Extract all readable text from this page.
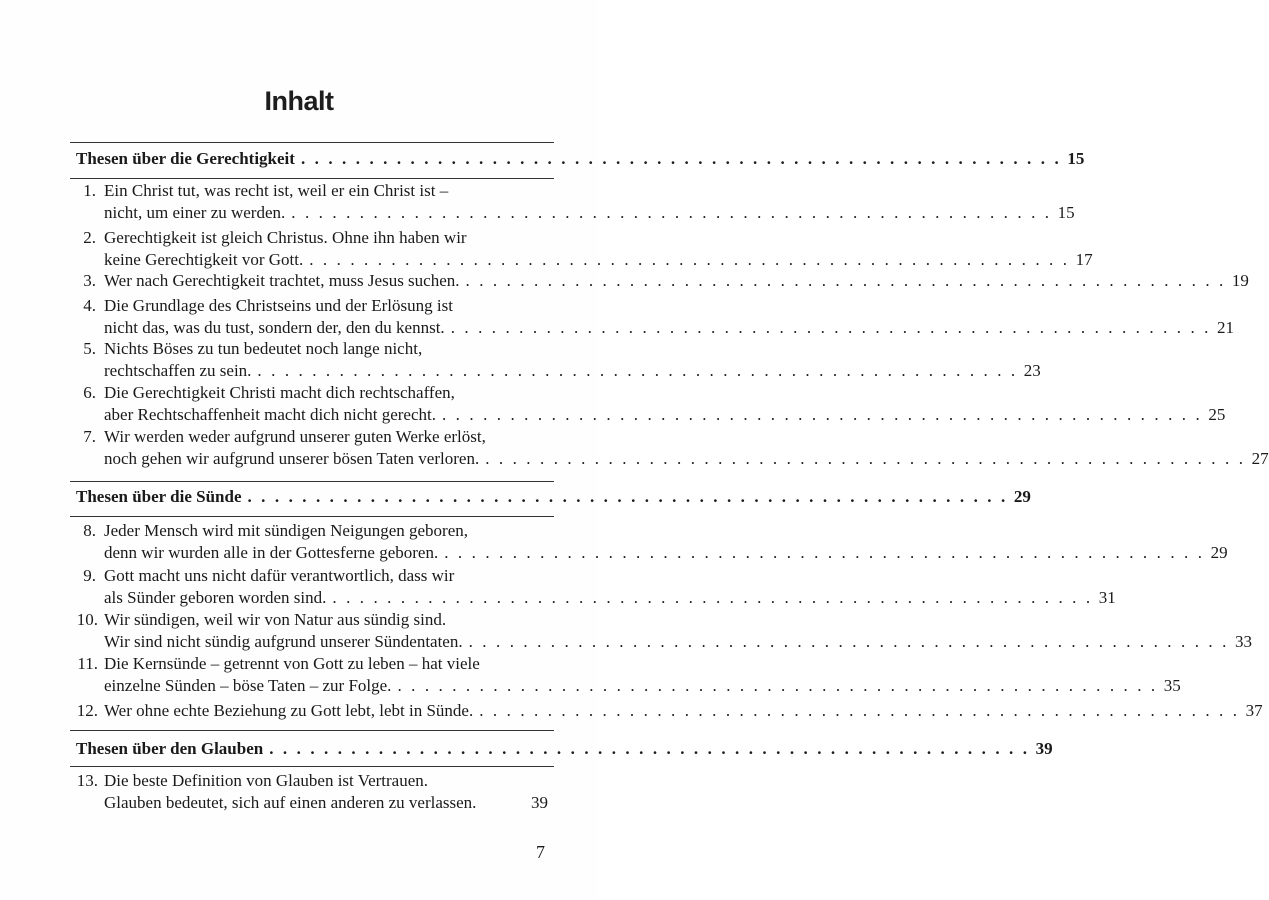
Inhalt
Thesen über die Gerechtigkeit . . . . . . . . . . . . . . . . . . . . . . . . . . . . . . . . . . . . . . . . . . . . . . . . . . . . . . . . 15
1. Ein Christ tut, was recht ist, weil er ein Christ ist –
nicht, um einer zu werden. . . . . . . . . . . . . . . . . . . . . . . . . . . . . . . . . . . . . . . . . . . . . . . . . . . . . . . . . 15
2. Gerechtigkeit ist gleich Christus. Ohne ihn haben wir
keine Gerechtigkeit vor Gott. . . . . . . . . . . . . . . . . . . . . . . . . . . . . . . . . . . . . . . . . . . . . . . . . . . . . . . . . 17
3. Wer nach Gerechtigkeit trachtet, muss Jesus suchen. . . . . . . . . . . . . . . . . . . . . . . . . . . . . . . . . . . . . . . . . . . . . . . . . . . . . . . . . 19
4. Die Grundlage des Christseins und der Erlösung ist
nicht das, was du tust, sondern der, den du kennst. . . . . . . . . . . . . . . . . . . . . . . . . . . . . . . . . . . . . . . . . . . . . . . . . . . . . . . . . 21
5. Nichts Böses zu tun bedeutet noch lange nicht,
rechtschaffen zu sein. . . . . . . . . . . . . . . . . . . . . . . . . . . . . . . . . . . . . . . . . . . . . . . . . . . . . . . . . 23
6. Die Gerechtigkeit Christi macht dich rechtschaffen,
aber Rechtschaffenheit macht dich nicht gerecht. . . . . . . . . . . . . . . . . . . . . . . . . . . . . . . . . . . . . . . . . . . . . . . . . . . . . . . . . 25
7. Wir werden weder aufgrund unserer guten Werke erlöst,
noch gehen wir aufgrund unserer bösen Taten verloren. . . . . . . . . . . . . . . . . . . . . . . . . . . . . . . . . . . . . . . . . . . . . . . . . . . . . . . . . 27
Thesen über die Sünde . . . . . . . . . . . . . . . . . . . . . . . . . . . . . . . . . . . . . . . . . . . . . . . . . . . . . . . . 29
8. Jeder Mensch wird mit sündigen Neigungen geboren,
denn wir wurden alle in der Gottesferne geboren. . . . . . . . . . . . . . . . . . . . . . . . . . . . . . . . . . . . . . . . . . . . . . . . . . . . . . . . . 29
9. Gott macht uns nicht dafür verantwortlich, dass wir
als Sünder geboren worden sind. . . . . . . . . . . . . . . . . . . . . . . . . . . . . . . . . . . . . . . . . . . . . . . . . . . . . . . . . 31
10. Wir sündigen, weil wir von Natur aus sündig sind.
Wir sind nicht sündig aufgrund unserer Sündentaten. . . . . . . . . . . . . . . . . . . . . . . . . . . . . . . . . . . . . . . . . . . . . . . . . . . . . . . . . 33
11. Die Kernsünde – getrennt von Gott zu leben – hat viele
einzelne Sünden – böse Taten – zur Folge. . . . . . . . . . . . . . . . . . . . . . . . . . . . . . . . . . . . . . . . . . . . . . . . . . . . . . . . . 35
12. Wer ohne echte Beziehung zu Gott lebt, lebt in Sünde. . . . . . . . . . . . . . . . . . . . . . . . . . . . . . . . . . . . . . . . . . . . . . . . . . . . . . . . . 37
Thesen über den Glauben . . . . . . . . . . . . . . . . . . . . . . . . . . . . . . . . . . . . . . . . . . . . . . . . . . . . . . . . 39
13. Die beste Definition von Glauben ist Vertrauen.
Glauben bedeutet, sich auf einen anderen zu verlassen.	39
7
